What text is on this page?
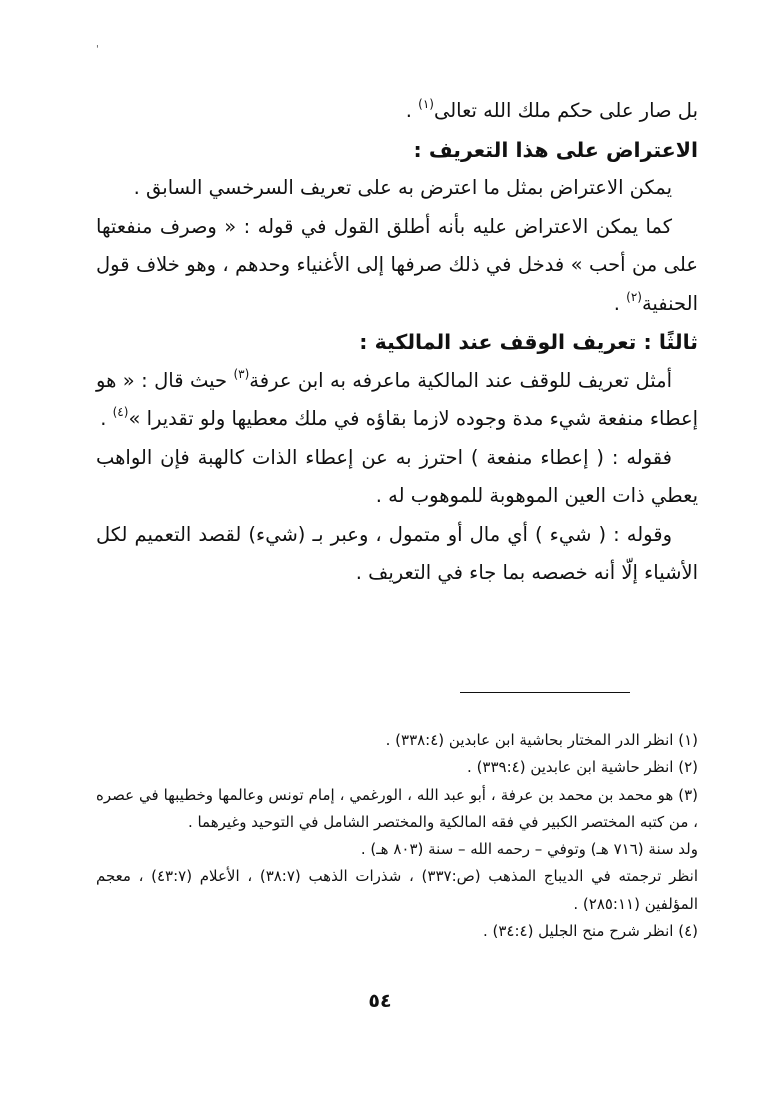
'

بل صار على حكم ملك الله تعالى$^{(١)}$ .

الاعتراض على هذا التعريف :

يمكن الاعتراض بمثل ما اعترض به على تعريف السرخسي السابق .

كما يمكن الاعتراض عليه بأنه أطلق القول في قوله : « وصرف منفعتها على من أحب » فدخل في ذلك صرفها إلى الأغنياء وحدهم ، وهو خلاف قول الحنفية$^{(٢)}$ .

ثالثًا : تعريف الوقف عند المالكية :

أمثل تعريف للوقف عند المالكية ماعرفه به ابن عرفة$^{(٣)}$ حيث قال : « هو إعطاء منفعة شيء مدة وجوده لازما بقاؤه في ملك معطيها ولو تقديرا »$^{(٤)}$ .

فقوله : ( إعطاء منفعة ) احترز به عن إعطاء الذات كالهبة فإن الواهب يعطي ذات العين الموهوبة للموهوب له .

وقوله : ( شيء ) أي مال أو متمول ، وعبر بـ (شيء) لقصد التعميم لكل الأشياء إلّا أنه خصصه بما جاء في التعريف .

(١) انظر الدر المختار بحاشية ابن عابدين (٣٣٨:٤) .

(٢) انظر حاشية ابن عابدين (٣٣٩:٤) .

(٣) هو محمد بن محمد بن عرفة ، أبو عبد الله ، الورغمي ، إمام تونس وعالمها وخطيبها في عصره ، من كتبه المختصر الكبير في فقه المالكية والمختصر الشامل في التوحيد وغيرهما .

ولد سنة (٧١٦ هـ) وتوفي – رحمه الله – سنة (٨٠٣ هـ) .

انظر ترجمته في الديباج المذهب (ص:٣٣٧) ، شذرات الذهب (٣٨:٧) ، الأعلام (٤٣:٧) ، معجم المؤلفين (٢٨٥:١١) .

(٤) انظر شرح منح الجليل (٣٤:٤) .

٥٤
